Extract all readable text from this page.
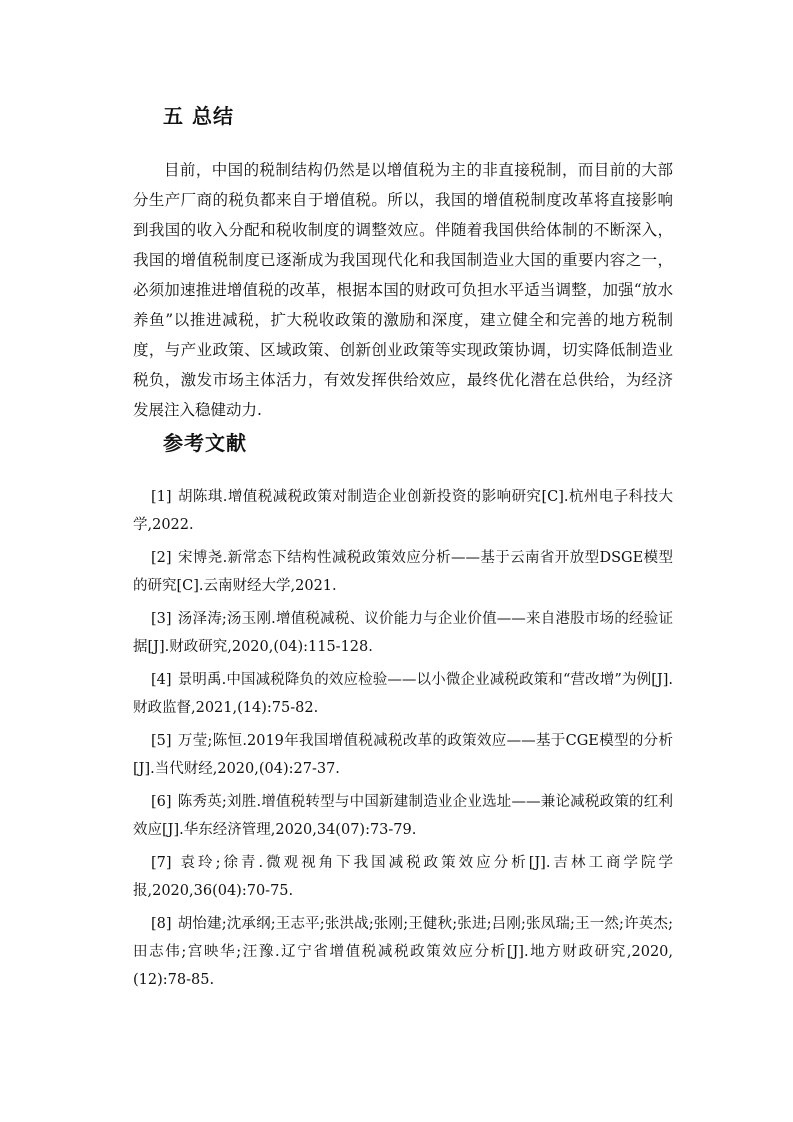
五 总结

目前，中国的税制结构仍然是以增值税为主的非直接税制，而目前的大部分生产厂商的税负都来自于增值税。所以，我国的增值税制度改革将直接影响到我国的收入分配和税收制度的调整效应。伴随着我国供给体制的不断深入，我国的增值税制度已逐渐成为我国现代化和我国制造业大国的重要内容之一，必须加速推进增值税的改革，根据本国的财政可负担水平适当调整，加强“放水养鱼”以推进减税，扩大税收政策的激励和深度，建立健全和完善的地方税制度，与产业政策、区域政策、创新创业政策等实现政策协调，切实降低制造业税负，激发市场主体活力，有效发挥供给效应，最终优化潜在总供给，为经济发展注入稳健动力.

参考文献
[1] 胡陈琪.增值税减税政策对制造企业创新投资的影响研究[C].杭州电子科技大学,2022.
[2] 宋博尧.新常态下结构性减税政策效应分析——基于云南省开放型DSGE模型的研究[C].云南财经大学,2021.
[3] 汤泽涛;汤玉刚.增值税减税、议价能力与企业价值——来自港股市场的经验证据[J].财政研究,2020,(04):115-128.
[4] 景明禹.中国减税降负的效应检验——以小微企业减税政策和“营改增”为例[J].财政监督,2021,(14):75-82.
[5] 万莹;陈恒.2019年我国增值税减税改革的政策效应——基于CGE模型的分析[J].当代财经,2020,(04):27-37.
[6] 陈秀英;刘胜.增值税转型与中国新建制造业企业选址——兼论减税政策的红利效应[J].华东经济管理,2020,34(07):73-79.
[7] 袁玲;徐青.微观视角下我国减税政策效应分析[J].吉林工商学院学报,2020,36(04):70-75.
[8] 胡怡建;沈承纲;王志平;张洪战;张刚;王健秋;张进;吕刚;张凤瑞;王一然;许英杰;田志伟;宫映华;汪豫.辽宁省增值税减税政策效应分析[J].地方财政研究,2020,(12):78-85.
